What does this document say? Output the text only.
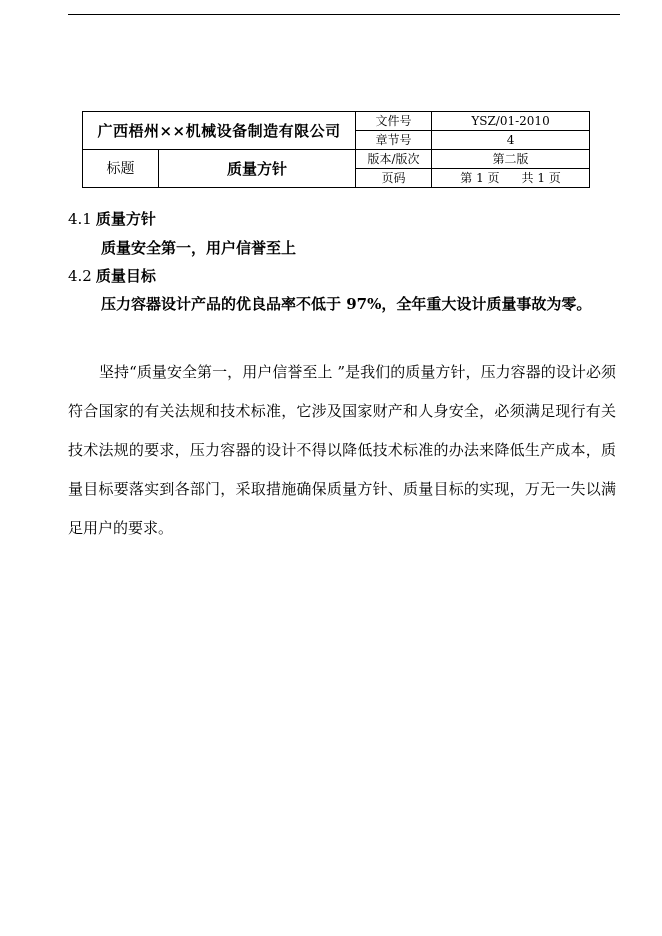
广西梧州××机械设备制造有限公司		文件号	YSZ/01-2010
		章节号	4
标题	质量方针	版本/版次	第二版
		页码	第 1 页 共 1 页
4.1 质量方针
质量安全第一，用户信誉至上
4.2 质量目标
压力容器设计产品的优良品率不低于 97%，全年重大设计质量事故为零。
坚持“质量安全第一，用户信誉至上 ”是我们的质量方针，压力容器的设计必须符合国家的有关法规和技术标准，它涉及国家财产和人身安全，必须满足现行有关技术法规的要求，压力容器的设计不得以降低技术标准的办法来降低生产成本，质量目标要落实到各部门，采取措施确保质量方针、质量目标的实现，万无一失以满足用户的要求。
